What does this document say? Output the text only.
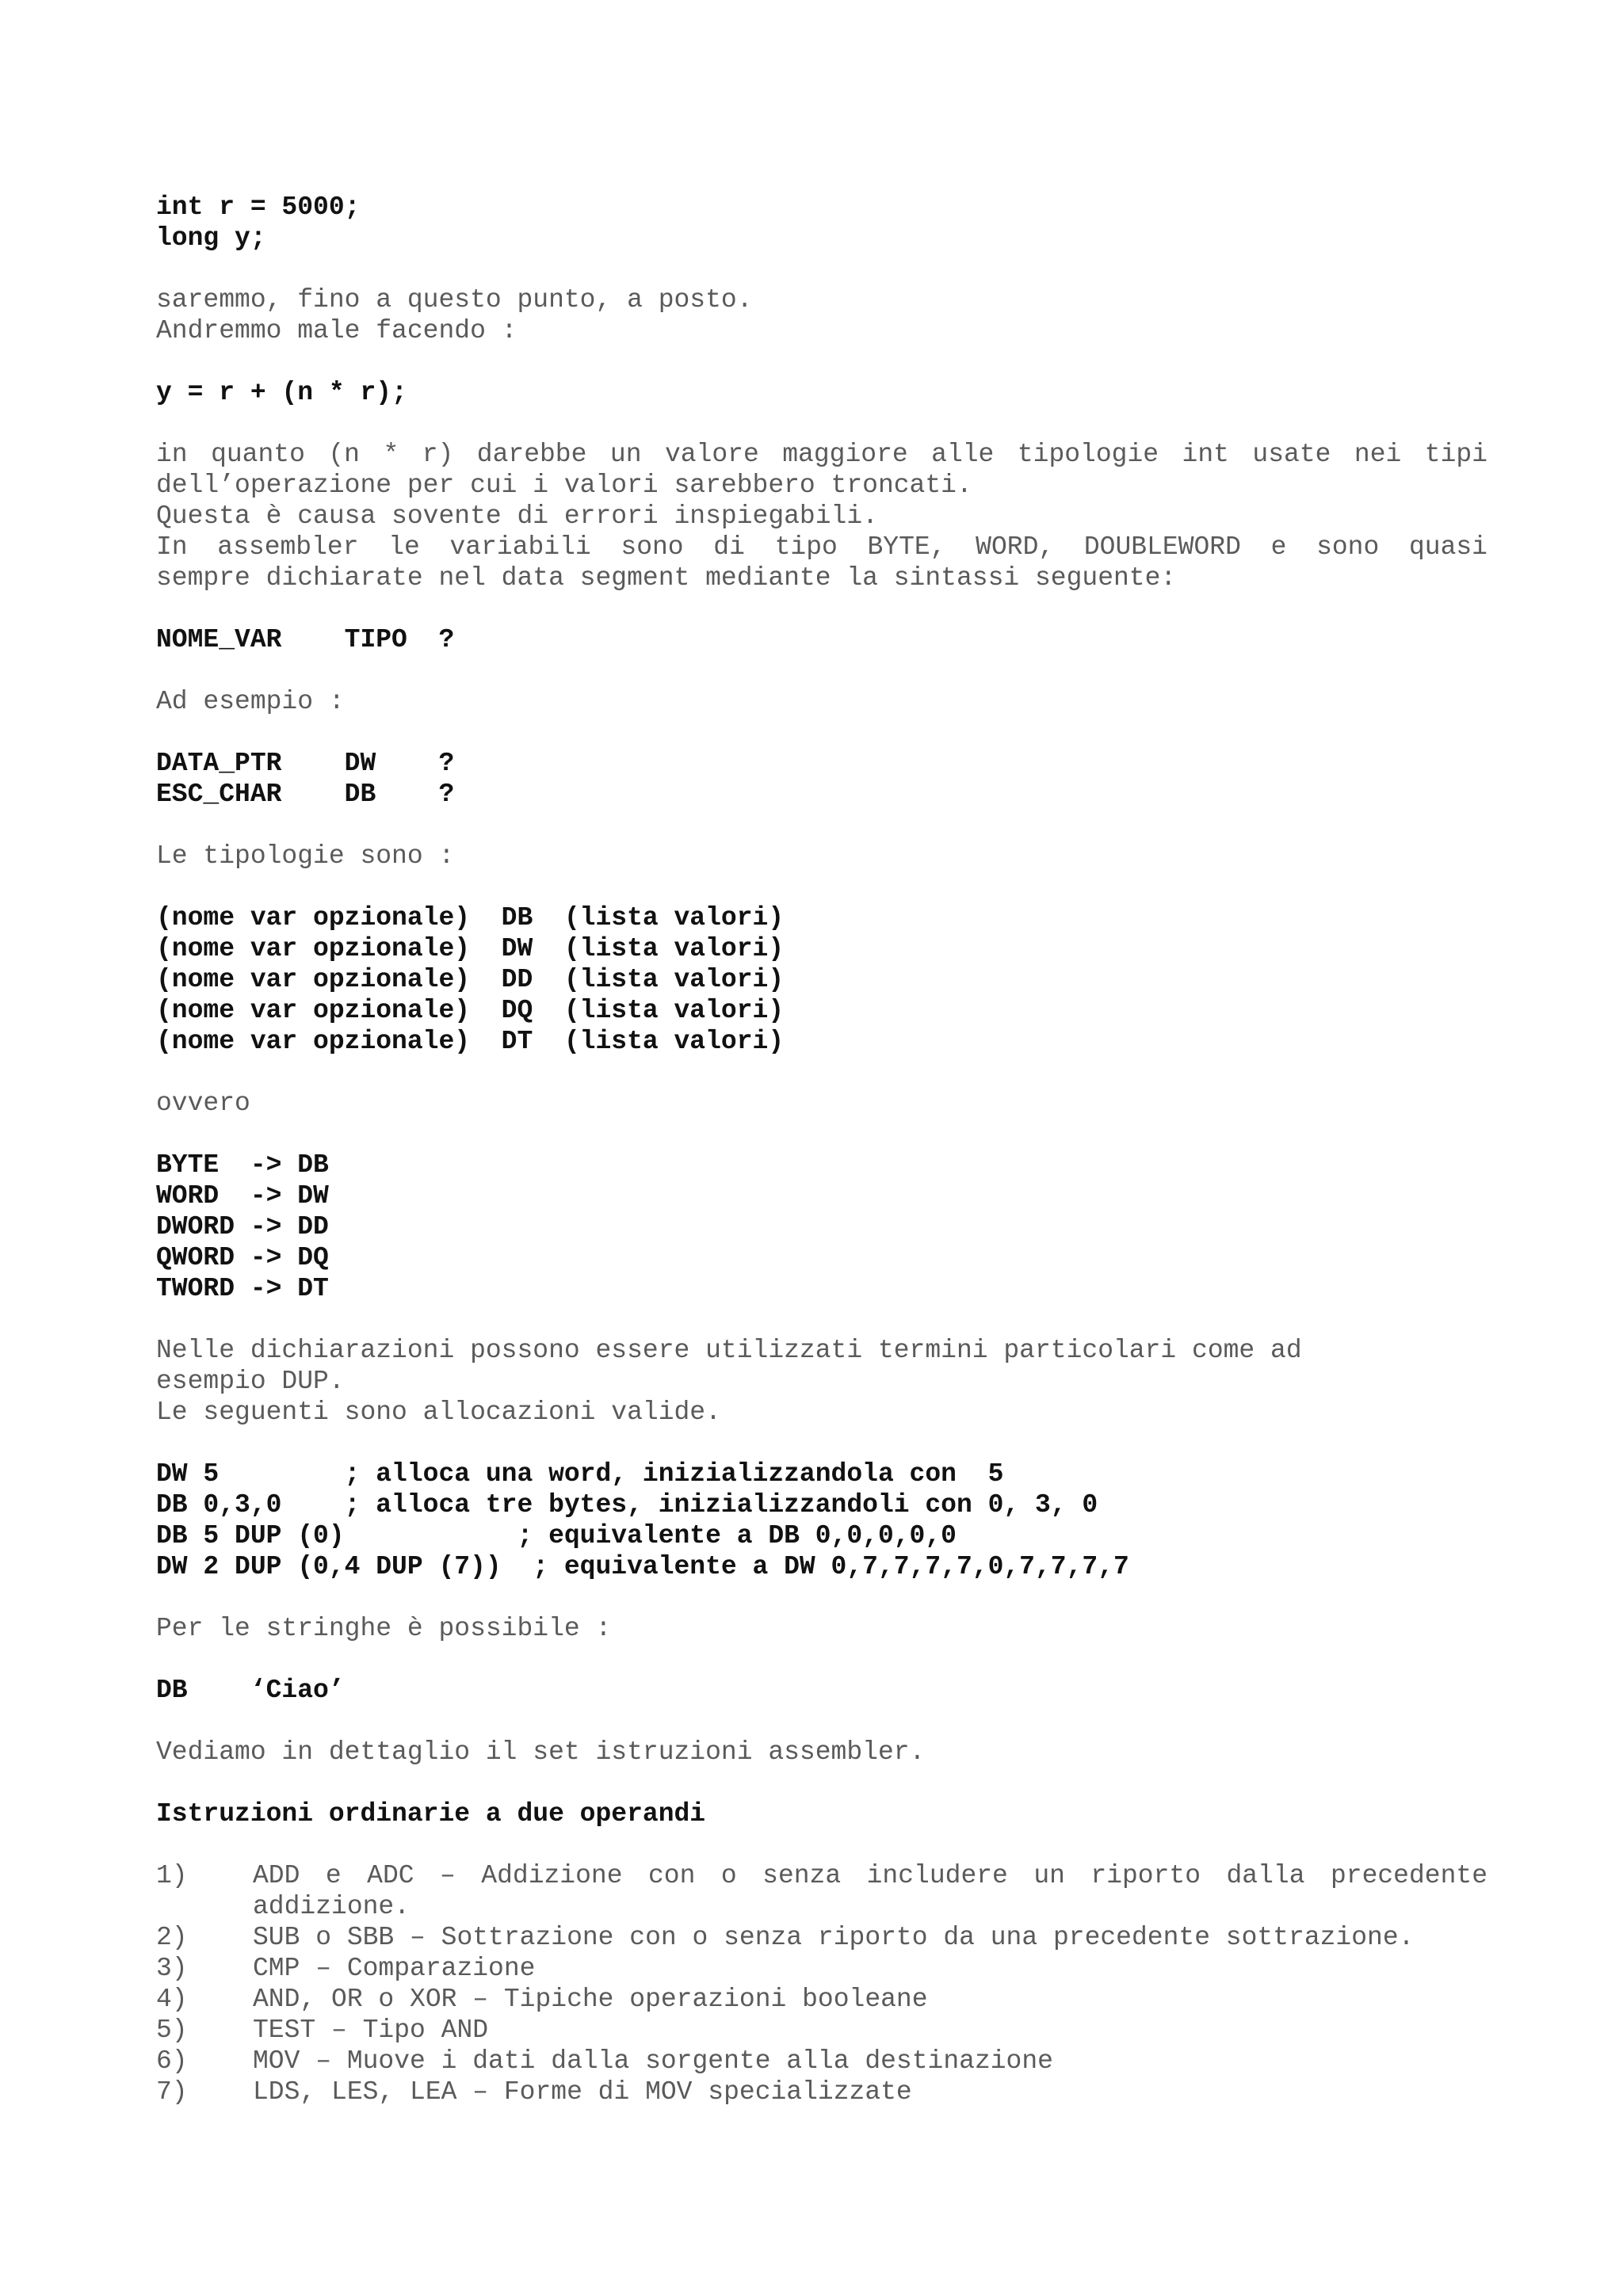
int r = 5000;
long y;
saremmo, fino a questo punto, a posto.
Andremmo male facendo :
y = r + (n * r);
in quanto (n * r) darebbe un valore maggiore alle tipologie int usate nei tipi
dell’operazione per cui i valori sarebbero troncati.
Questa è causa sovente di errori inspiegabili.
In assembler le variabili sono di tipo BYTE, WORD, DOUBLEWORD e sono quasi
sempre dichiarate nel data segment mediante la sintassi seguente:
NOME_VAR    TIPO  ?
Ad esempio :
DATA_PTR    DW    ?
ESC_CHAR    DB    ?
Le tipologie sono :
(nome var opzionale)  DB  (lista valori)
(nome var opzionale)  DW  (lista valori)
(nome var opzionale)  DD  (lista valori)
(nome var opzionale)  DQ  (lista valori)
(nome var opzionale)  DT  (lista valori)
ovvero
BYTE  -> DB
WORD  -> DW
DWORD -> DD
QWORD -> DQ
TWORD -> DT
Nelle dichiarazioni possono essere utilizzati termini particolari come ad
esempio DUP.
Le seguenti sono allocazioni valide.
DW 5        ; alloca una word, inizializzandola con  5
DB 0,3,0    ; alloca tre bytes, inizializzandoli con 0, 3, 0
DB 5 DUP (0)           ; equivalente a DB 0,0,0,0,0
DW 2 DUP (0,4 DUP (7))  ; equivalente a DW 0,7,7,7,7,0,7,7,7,7
Per le stringhe è possibile :
DB    ‘Ciao’
Vediamo in dettaglio il set istruzioni assembler.
Istruzioni ordinarie a due operandi
1) ADD e ADC – Addizione con o senza includere un riporto dalla precedente
addizione.
2) SUB o SBB – Sottrazione con o senza riporto da una precedente sottrazione.
3) CMP – Comparazione
4) AND, OR o XOR – Tipiche operazioni booleane
5) TEST – Tipo AND
6) MOV – Muove i dati dalla sorgente alla destinazione
7) LDS, LES, LEA – Forme di MOV specializzate
